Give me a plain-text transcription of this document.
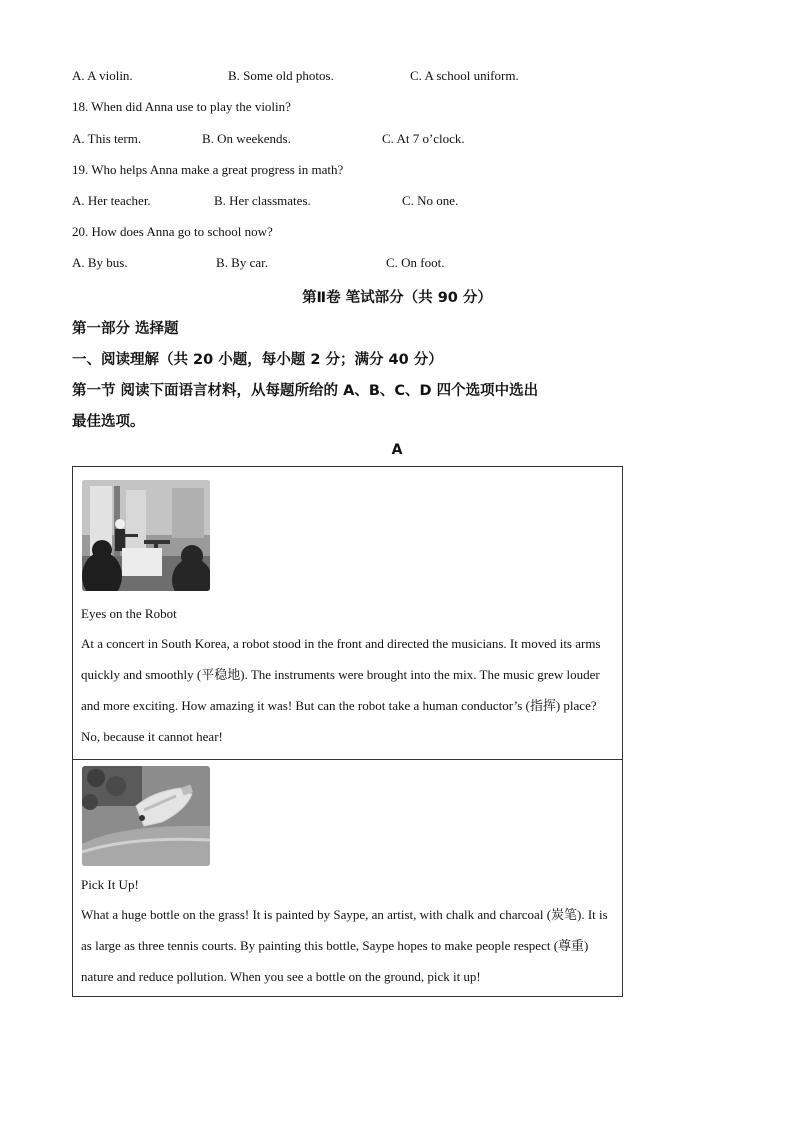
A. A violin.	B. Some old photos.	C. A school uniform.
18. When did Anna use to play the violin?
A. This term.	B. On weekends.	C. At 7 o’clock.
19. Who helps Anna make a great progress in math?
A. Her teacher.	B. Her classmates.	C. No one.
20. How does Anna go to school now?
A. By bus.	B. By car.	C. On foot.
第Ⅱ卷 笔试部分（共 90 分）
第一部分 选择题
一、阅读理解（共 20 小题，每小题 2 分；满分 40 分）
第一节 阅读下面语言材料，从每题所给的 A、B、C、D 四个选项中选出
最佳选项。
A
Eyes on the Robot
At a concert in South Korea, a robot stood in the front and directed the musicians. It moved its arms quickly and smoothly (平稳地). The instruments were brought into the mix. The music grew louder and more exciting. How amazing it was! But can the robot take a human conductor’s (指挥) place? No, because it cannot hear!
Pick It Up!
What a huge bottle on the grass! It is painted by Saype, an artist, with chalk and charcoal (炭笔). It is as large as three tennis courts. By painting this bottle, Saype hopes to make people respect (尊重) nature and reduce pollution. When you see a bottle on the ground, pick it up!
